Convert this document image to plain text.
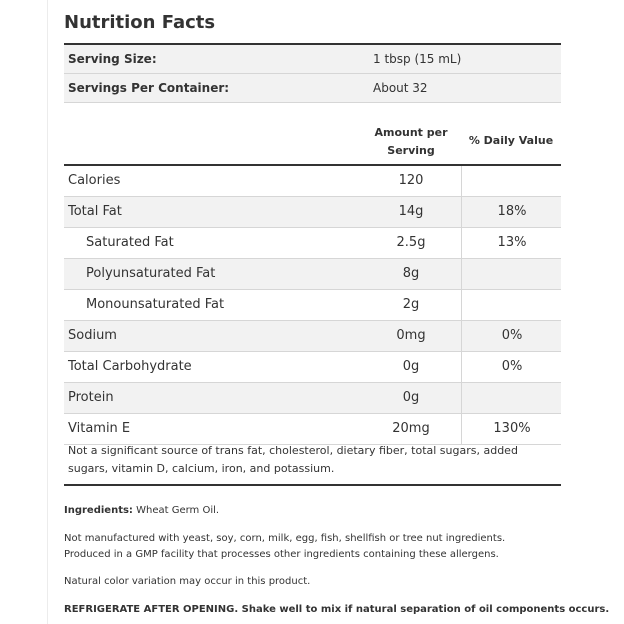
Nutrition Facts
Serving Size:	1 tbsp (15 mL)
Servings Per Container:	About 32
Amount per
Serving
% Daily Value
Calories	120
Total Fat	14g	18%
Saturated Fat	2.5g	13%
Polyunsaturated Fat	8g
Monounsaturated Fat	2g
Sodium	0mg	0%
Total Carbohydrate	0g	0%
Protein	0g
Vitamin E	20mg	130%

Not a significant source of trans fat, cholesterol, dietary fiber, total sugars, added sugars, vitamin D, calcium, iron, and potassium.

Ingredients: Wheat Germ Oil.

Not manufactured with yeast, soy, corn, milk, egg, fish, shellfish or tree nut ingredients. Produced in a GMP facility that processes other ingredients containing these allergens.

Natural color variation may occur in this product.

REFRIGERATE AFTER OPENING. Shake well to mix if natural separation of oil components occurs.
